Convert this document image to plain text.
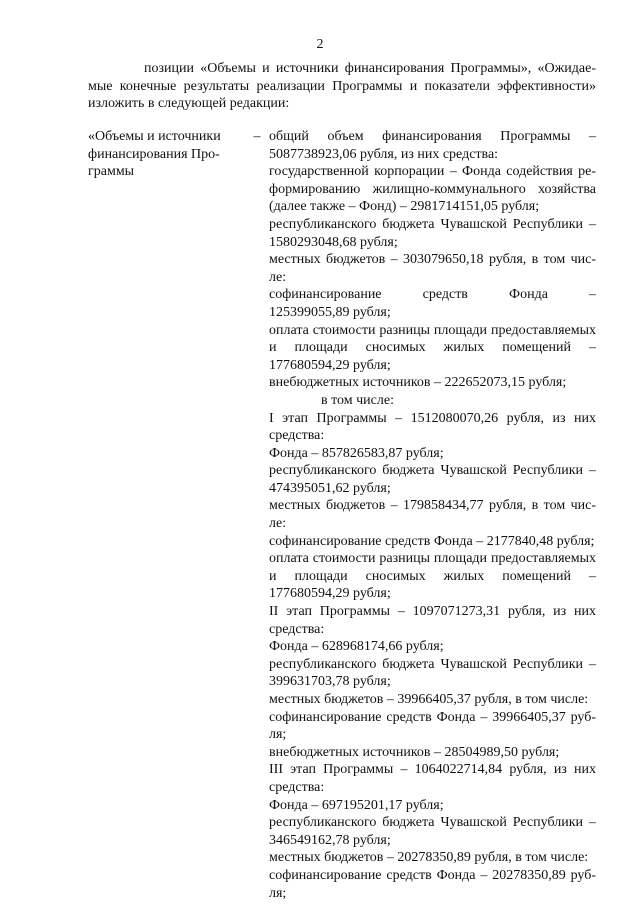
2
позиции «Объемы и источники финансирования Программы», «Ожидае-
мые конечные результаты реализации Программы и показатели эффективности»
изложить в следующей редакции:
«Объемы и источники
финансирования Про-
граммы
– общий объем финансирования Программы –
5087738923,06 рубля, из них средства:
государственной корпорации – Фонда содействия ре-
формированию жилищно-коммунального хозяйства
(далее также – Фонд) – 2981714151,05 рубля;
республиканского бюджета Чувашской Республики –
1580293048,68 рубля;
местных бюджетов – 303079650,18 рубля, в том чис-
ле:
софинансирование средств Фонда –
125399055,89 рубля;
оплата стоимости разницы площади предоставляемых
и площади сносимых жилых помещений –
177680594,29 рубля;
внебюджетных источников – 222652073,15 рубля;
в том числе:
I этап Программы – 1512080070,26 рубля, из них
средства:
Фонда – 857826583,87 рубля;
республиканского бюджета Чувашской Республики –
474395051,62 рубля;
местных бюджетов – 179858434,77 рубля, в том чис-
ле:
софинансирование средств Фонда – 2177840,48 рубля;
оплата стоимости разницы площади предоставляемых
и площади сносимых жилых помещений –
177680594,29 рубля;
II этап Программы – 1097071273,31 рубля, из них
средства:
Фонда – 628968174,66 рубля;
республиканского бюджета Чувашской Республики –
399631703,78 рубля;
местных бюджетов – 39966405,37 рубля, в том числе:
софинансирование средств Фонда – 39966405,37 руб-
ля;
внебюджетных источников – 28504989,50 рубля;
III этап Программы – 1064022714,84 рубля, из них
средства:
Фонда – 697195201,17 рубля;
республиканского бюджета Чувашской Республики –
346549162,78 рубля;
местных бюджетов – 20278350,89 рубля, в том числе:
софинансирование средств Фонда – 20278350,89 руб-
ля;
